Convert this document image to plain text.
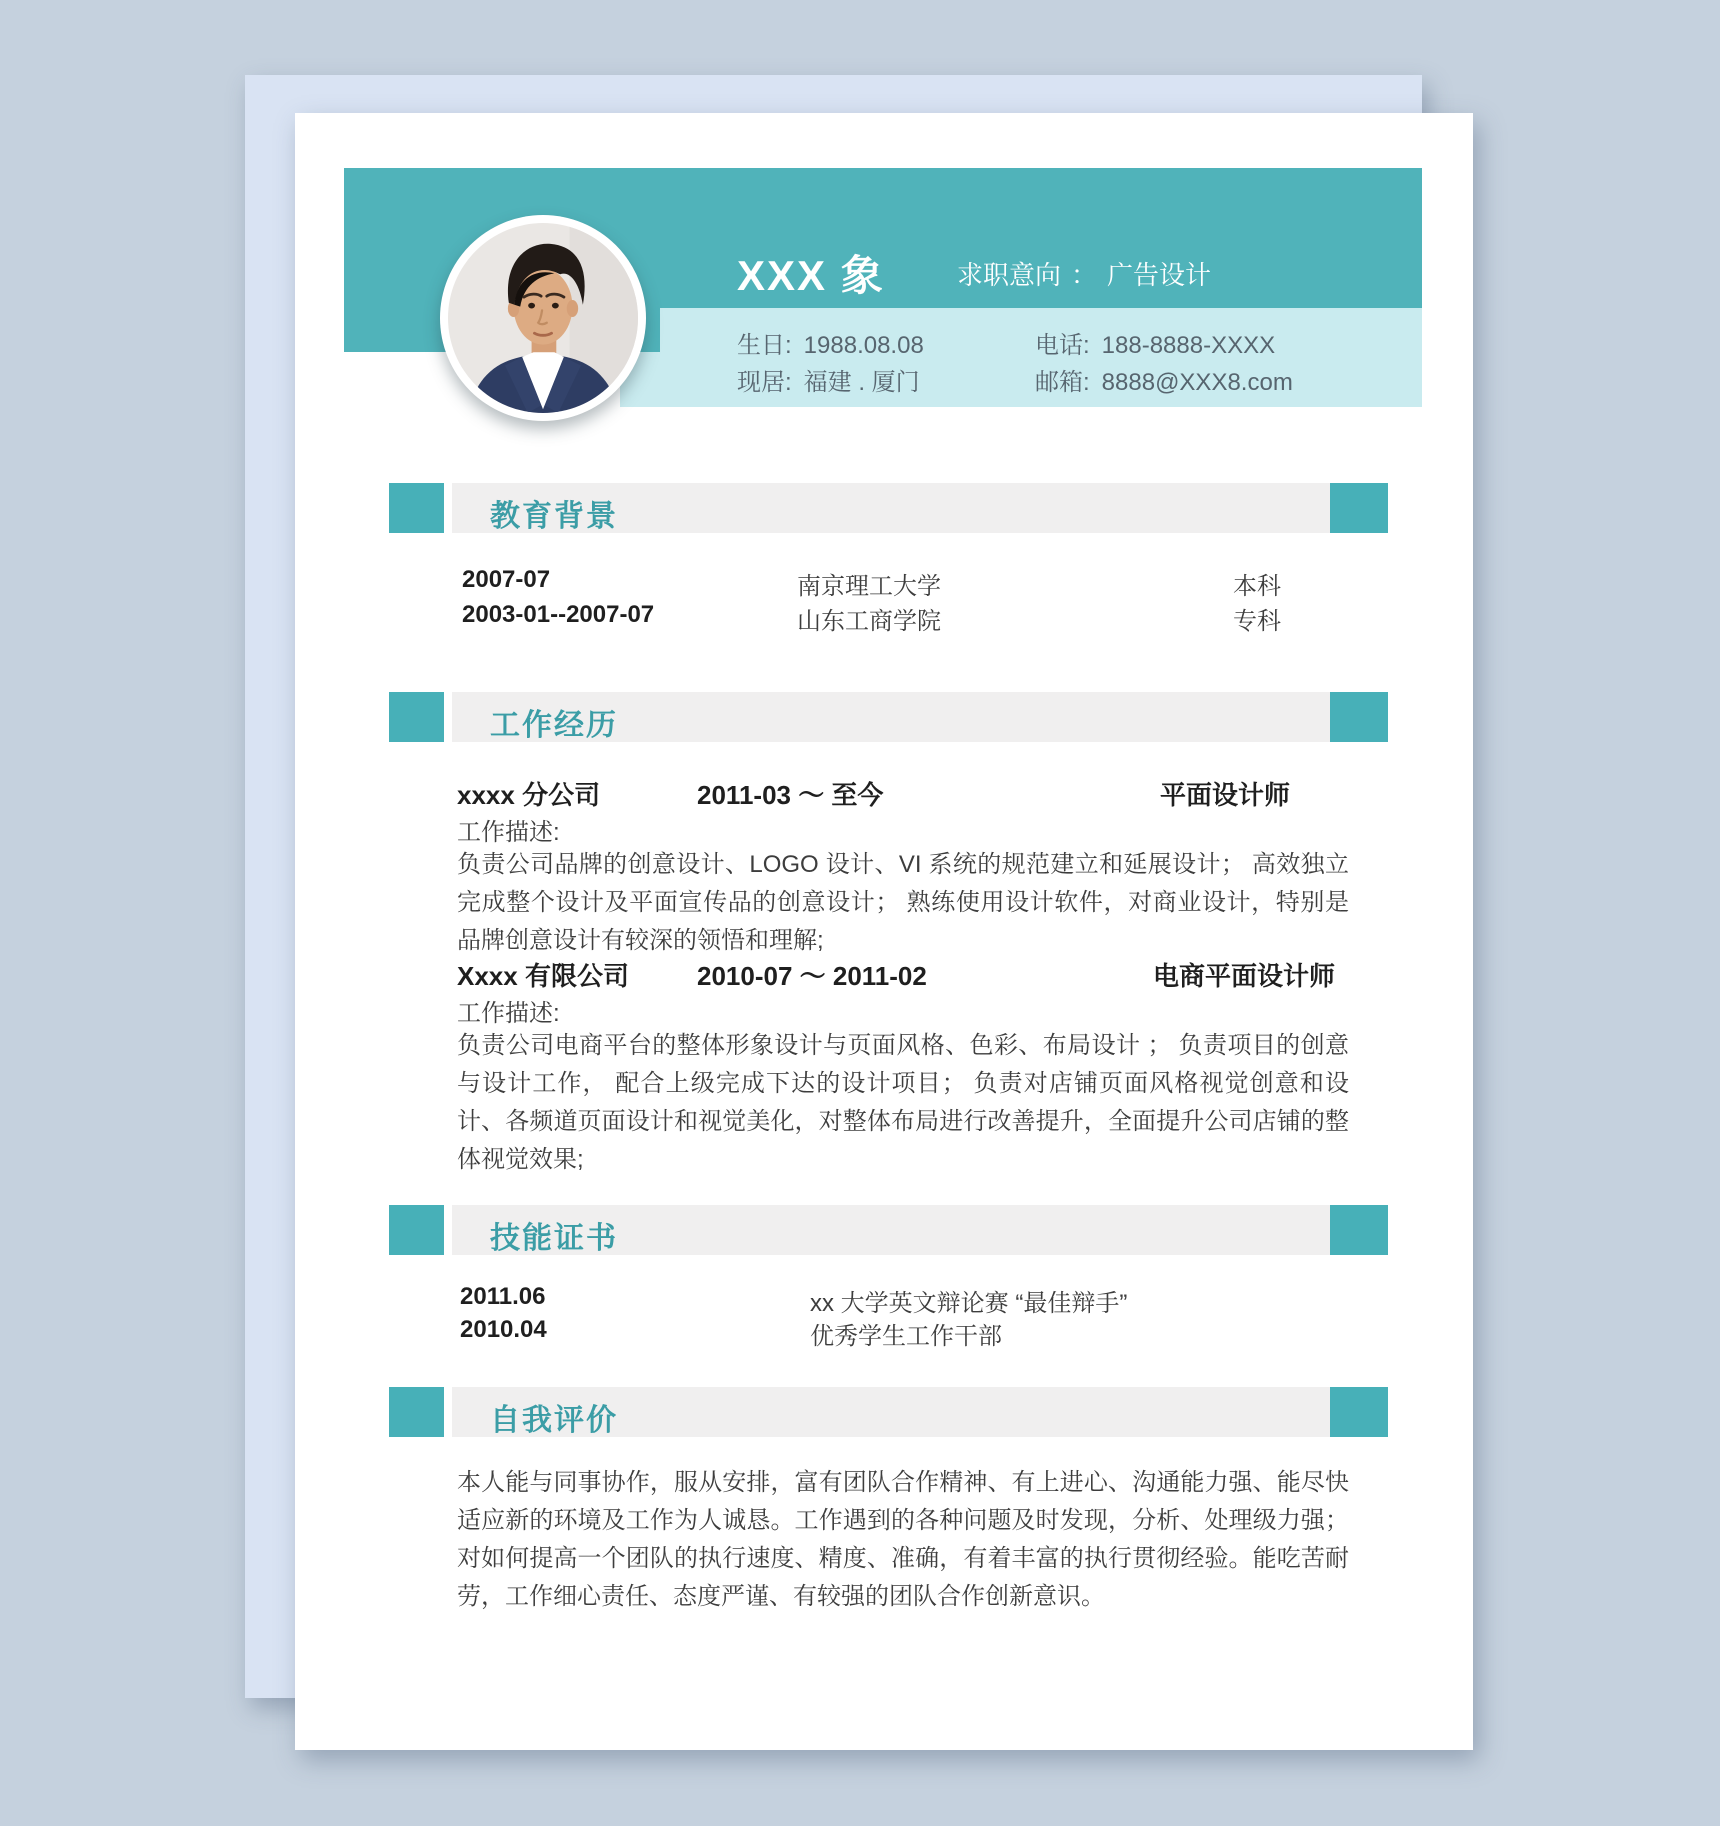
XXX 象	求职意向 ： 广告设计
生日: 1988.08.08	电话: 188-8888-XXXX
现居: 福建 . 厦门	邮箱: 8888@XXX8.com
教育背景
2007-07	南京理工大学	本科
2003-01--2007-07	山东工商学院	专科
工作经历
xxxx 分公司	2011-03 ～ 至今	平面设计师
工作描述:
负责公司品牌的创意设计、LOGO 设计、VI 系统的规范建立和延展设计； 高效独立完成整个设计及平面宣传品的创意设计； 熟练使用设计软件，对商业设计，特别是品牌创意设计有较深的领悟和理解;
Xxxx 有限公司	2010-07 ～ 2011-02	电商平面设计师
工作描述:
负责公司电商平台的整体形象设计与页面风格、色彩、布局设计 ； 负责项目的创意与设计工作， 配合上级完成下达的设计项目； 负责对店铺页面风格视觉创意和设计、各频道页面设计和视觉美化，对整体布局进行改善提升，全面提升公司店铺的整体视觉效果;
技能证书
2011.06	xx 大学英文辩论赛 “最佳辩手”
2010.04	优秀学生工作干部
自我评价
本人能与同事协作，服从安排，富有团队合作精神、有上进心、沟通能力强、能尽快适应新的环境及工作为人诚恳。工作遇到的各种问题及时发现，分析、处理级力强；对如何提高一个团队的执行速度、精度、准确，有着丰富的执行贯彻经验。能吃苦耐劳，工作细心责任、态度严谨、有较强的团队合作创新意识。
